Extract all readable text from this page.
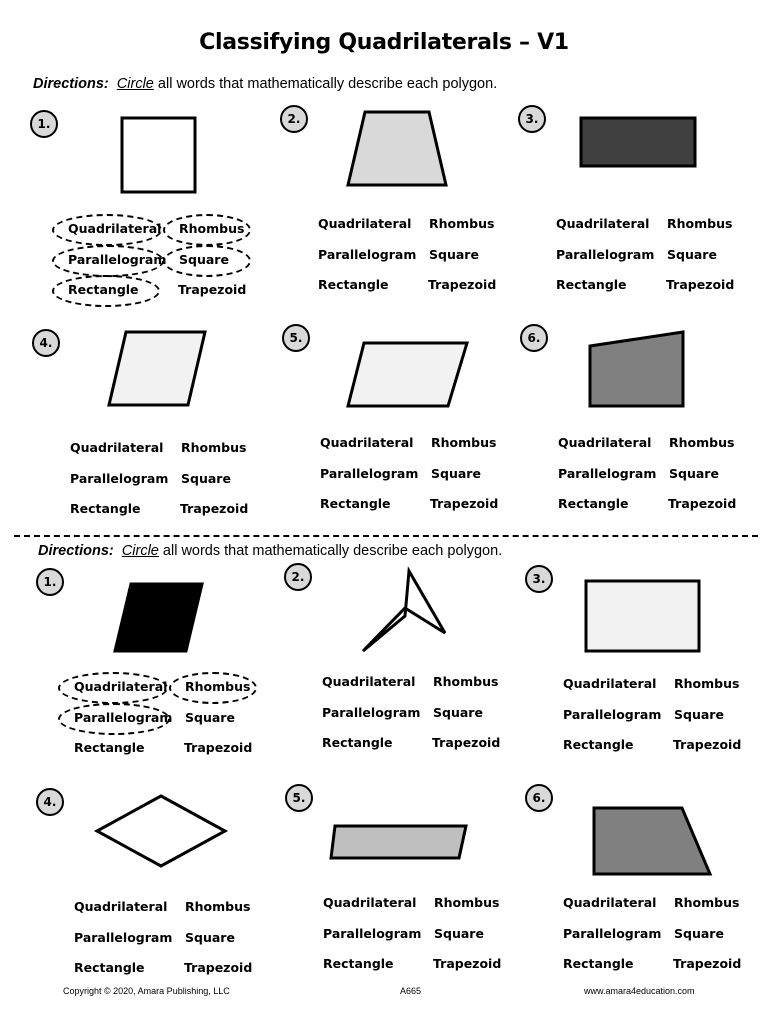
Classifying Quadrilaterals – V1
Directions: Circle all words that mathematically describe each polygon.
Directions: Circle all words that mathematically describe each polygon.
1.
Quadrilateral Rhombus
Parallelogram Square
Rectangle	Trapezoid
2.
Quadrilateral Rhombus
Parallelogram Square
Rectangle	Trapezoid
3.
Quadrilateral Rhombus
Parallelogram Square
Rectangle	Trapezoid
4.
Quadrilateral Rhombus
Parallelogram Square
Rectangle	Trapezoid
5.
Quadrilateral Rhombus
Parallelogram Square
Rectangle	Trapezoid
6.
Quadrilateral Rhombus
Parallelogram Square
Rectangle	Trapezoid
1.
Quadrilateral Rhombus
Parallelogram Square
Rectangle	Trapezoid
2.
Quadrilateral Rhombus
Parallelogram Square
Rectangle	Trapezoid
3.
Quadrilateral Rhombus
Parallelogram Square
Rectangle	Trapezoid
4.
Quadrilateral Rhombus
Parallelogram Square
Rectangle	Trapezoid
5.
Quadrilateral Rhombus
Parallelogram Square
Rectangle	Trapezoid
6.
Quadrilateral Rhombus
Parallelogram Square
Rectangle	Trapezoid
Copyright © 2020, Amara Publishing, LLC	A665	www.amara4education.com
